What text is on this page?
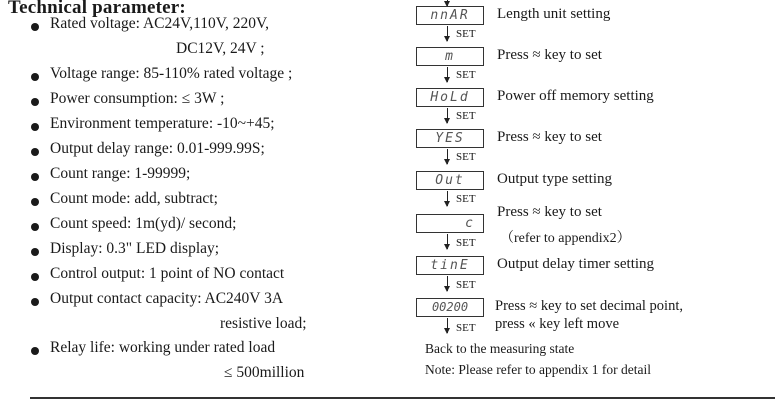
Technical parameter:
Rated voltage: AC24V,110V, 220V,
DC12V, 24V ;
Voltage range: 85-110% rated voltage ;
Power consumption: ≤ 3W ;
Environment temperature: -10~+45;
Output delay range: 0.01-999.99S;
Count range: 1-99999;
Count mode: add, subtract;
Count speed: 1m(yd)/ second;
Display: 0.3" LED display;
Control output: 1 point of NO contact
Output contact capacity: AC240V 3A
resistive load;
Relay life: working under rated load
≤ 500million
nnAR	Length unit setting
SET
m	Press ≈ key to set
SET
HoLd	Power off memory setting
SET
YES	Press ≈ key to set
SET
Out	Output type setting
SET
c
Press ≈ key to set
（refer to appendix2）
SET
tinE	Output delay timer setting
SET
00200	Press ≈ key to set decimal point,
press « key left move
SET
Back to the measuring state
Note: Please refer to appendix 1 for detail
